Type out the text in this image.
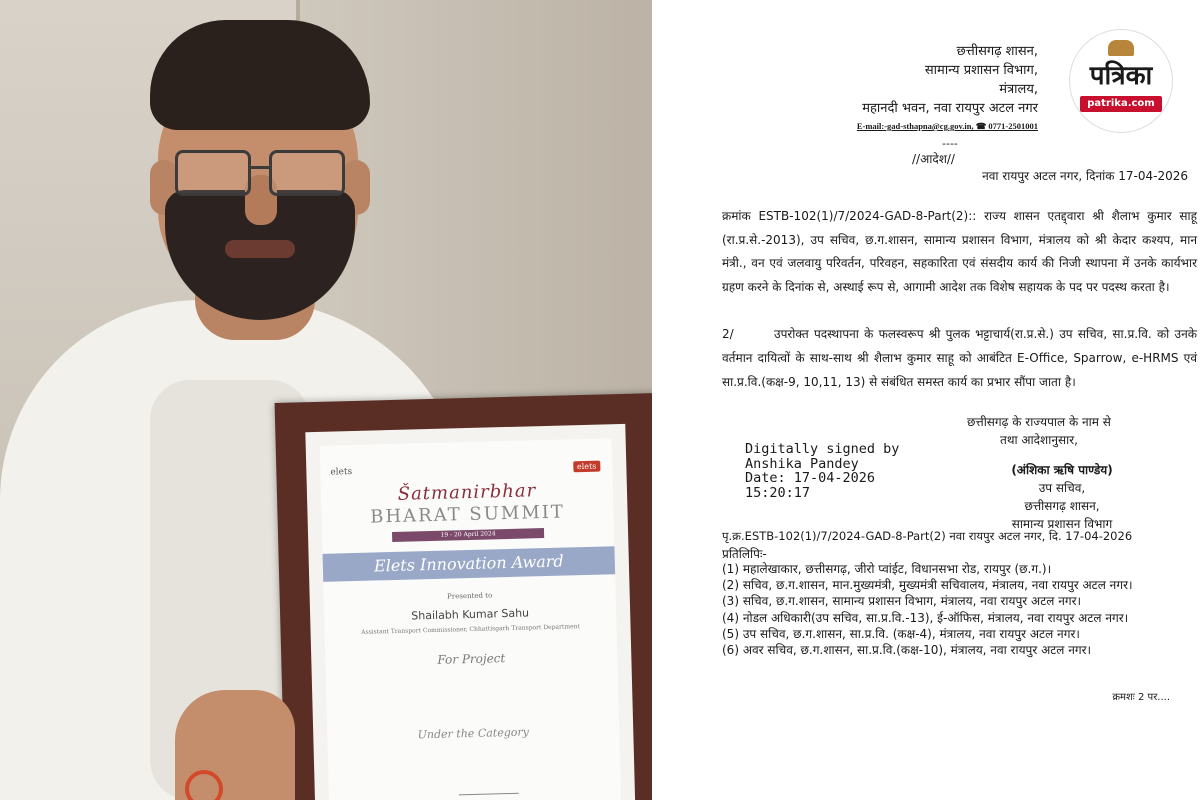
elets
elets
Šatmanirbhar
BHARAT SUMMIT
19 - 20 April 2024
Elets Innovation Award
Presented to
Shailabh Kumar Sahu
Assistant Transport Commissioner, Chhattisgarh Transport Department
For Project
Under the Category
छत्तीसगढ़ शासन,
सामान्य प्रशासन विभाग,
मंत्रालय,
महानदी भवन, नवा रायपुर अटल नगर
E-mail:-gad-sthapna@cg.gov.in, ☎ 0771-2501001
----
//आदेश//
नवा रायपुर अटल नगर, दिनांक 17-04-2026
क्रमांक ESTB-102(1)/7/2024-GAD-8-Part(2):: राज्य शासन एतद्द्वारा श्री शैलाभ कुमार साहू (रा.प्र.से.-2013), उप सचिव, छ.ग.शासन, सामान्य प्रशासन विभाग, मंत्रालय को श्री केदार कश्यप, मान मंत्री., वन एवं जलवायु परिवर्तन, परिवहन, सहकारिता एवं संसदीय कार्य की निजी स्थापना में उनके कार्यभार ग्रहण करने के दिनांक से, अस्थाई रूप से, आगामी आदेश तक विशेष सहायक के पद पर पदस्थ करता है।
2/	उपरोक्त पदस्थापना के फलस्वरूप श्री पुलक भट्टाचार्य(रा.प्र.से.) उप सचिव, सा.प्र.वि. को उनके वर्तमान दायित्वों के साथ-साथ श्री शैलाभ कुमार साहू को आबंटित E-Office, Sparrow, e-HRMS एवं सा.प्र.वि.(कक्ष-9, 10,11, 13) से संबंधित समस्त कार्य का प्रभार सौंपा जाता है।
छत्तीसगढ़ के राज्यपाल के नाम से
तथा आदेशानुसार,
Digitally signed by
Anshika Pandey
Date: 17-04-2026
15:20:17
(अंशिका ऋषि पाण्डेय)
उप सचिव,
छत्तीसगढ़ शासन,
सामान्य प्रशासन विभाग
पृ.क्र.ESTB-102(1)/7/2024-GAD-8-Part(2) नवा रायपुर अटल नगर, दि. 17-04-2026
प्रतिलिपिः-
(1) महालेखाकार, छत्तीसगढ़, जीरो प्वांईट, विधानसभा रोड, रायपुर (छ.ग.)।
(2) सचिव, छ.ग.शासन, मान.मुख्यमंत्री, मुख्यमंत्री सचिवालय, मंत्रालय, नवा रायपुर अटल नगर।
(3) सचिव, छ.ग.शासन, सामान्य प्रशासन विभाग, मंत्रालय, नवा रायपुर अटल नगर।
(4) नोडल अधिकारी(उप सचिव, सा.प्र.वि.-13), ई-ऑफिस, मंत्रालय, नवा रायपुर अटल नगर।
(5) उप सचिव, छ.ग.शासन, सा.प्र.वि. (कक्ष-4), मंत्रालय, नवा रायपुर अटल नगर।
(6) अवर सचिव, छ.ग.शासन, सा.प्र.वि.(कक्ष-10), मंत्रालय, नवा रायपुर अटल नगर।
क्रमशः 2 पर....
पत्रिका
patrika.com
